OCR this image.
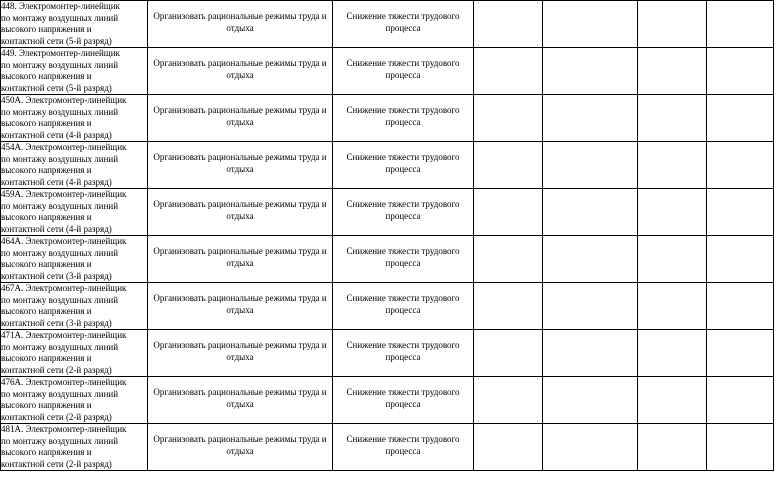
448. Электромонтер-линейщик
по монтажу воздушных линий
высокого напряжения и
контактной сети (5-й разряд)	Организовать рациональные режимы труда и отдыха	Снижение тяжести трудового процесса				

449. Электромонтер-линейщик
по монтажу воздушных линий
высокого напряжения и
контактной сети (5-й разряд)	Организовать рациональные режимы труда и отдыха	Снижение тяжести трудового процесса				

450А. Электромонтер-линейщик
по монтажу воздушных линий
высокого напряжения и
контактной сети (4-й разряд)	Организовать рациональные режимы труда и отдыха	Снижение тяжести трудового процесса				

454А. Электромонтер-линейщик
по монтажу воздушных линий
высокого напряжения и
контактной сети (4-й разряд)	Организовать рациональные режимы труда и отдыха	Снижение тяжести трудового процесса				

459А. Электромонтер-линейщик
по монтажу воздушных линий
высокого напряжения и
контактной сети (4-й разряд)	Организовать рациональные режимы труда и отдыха	Снижение тяжести трудового процесса				

464А. Электромонтер-линейщик
по монтажу воздушных линий
высокого напряжения и
контактной сети (3-й разряд)	Организовать рациональные режимы труда и отдыха	Снижение тяжести трудового процесса				

467А. Электромонтер-линейщик
по монтажу воздушных линий
высокого напряжения и
контактной сети (3-й разряд)	Организовать рациональные режимы труда и отдыха	Снижение тяжести трудового процесса				

471А. Электромонтер-линейщик
по монтажу воздушных линий
высокого напряжения и
контактной сети (2-й разряд)	Организовать рациональные режимы труда и отдыха	Снижение тяжести трудового процесса				

476А. Электромонтер-линейщик
по монтажу воздушных линий
высокого напряжения и
контактной сети (2-й разряд)	Организовать рациональные режимы труда и отдыха	Снижение тяжести трудового процесса				

481А. Электромонтер-линейщик
по монтажу воздушных линий
высокого напряжения и
контактной сети (2-й разряд)	Организовать рациональные режимы труда и отдыха	Снижение тяжести трудового процесса				
